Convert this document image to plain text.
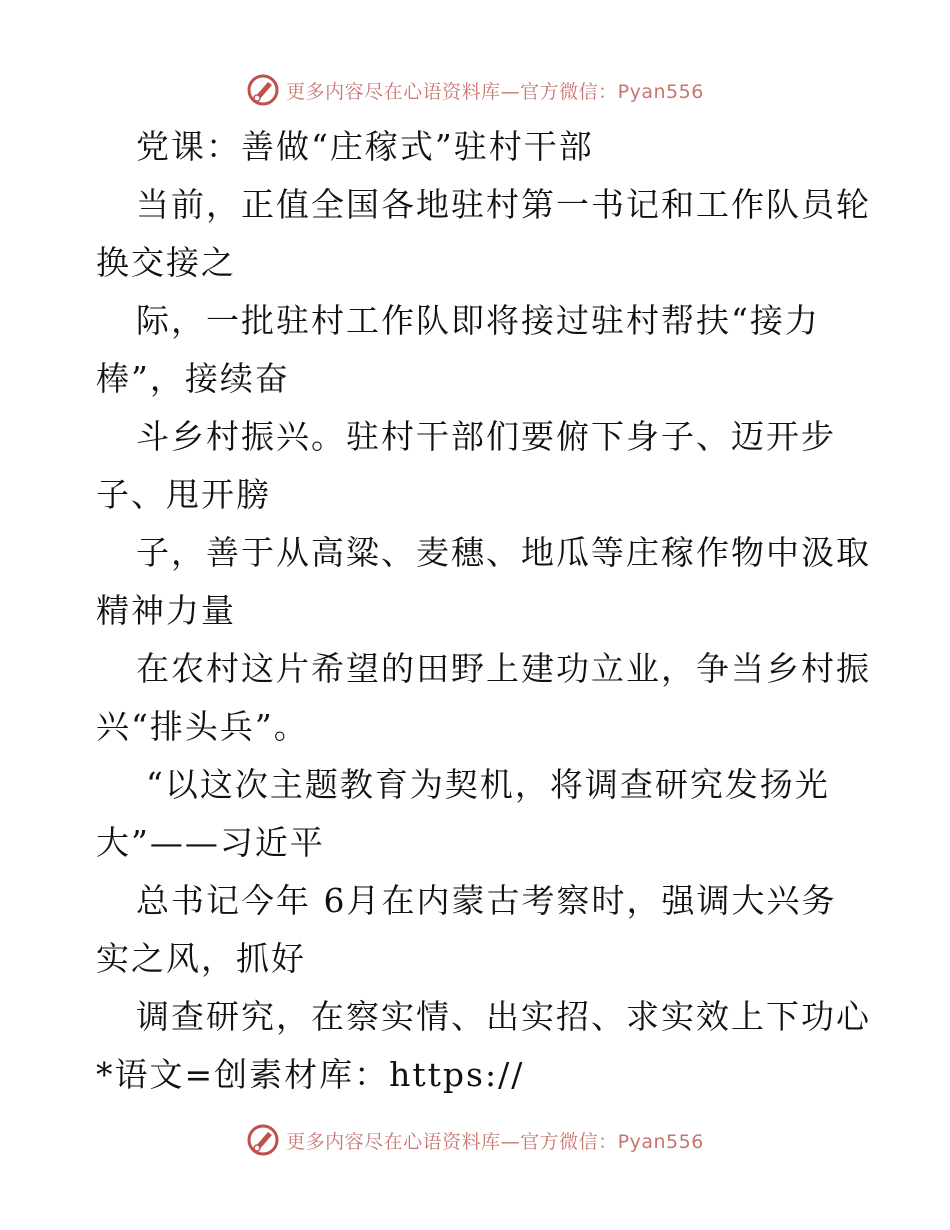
更多内容尽在心语资料库—官方微信：Pyan556
党课：善做“庄稼式”驻村干部
当前，正值全国各地驻村第一书记和工作队员轮
换交接之
际，一批驻村工作队即将接过驻村帮扶“接力
棒”，接续奋
斗乡村振兴。驻村干部们要俯下身子、迈开步
子、甩开膀
子，善于从高粱、麦穗、地瓜等庄稼作物中汲取
精神力量
在农村这片希望的田野上建功立业，争当乡村振
兴“排头兵”。
“以这次主题教育为契机，将调查研究发扬光
大”——习近平
总书记今年 6月在内蒙古考察时，强调大兴务
实之风，抓好
调查研究，在察实情、出实招、求实效上下功心
*语文=创素材库：https://
更多内容尽在心语资料库—官方微信：Pyan556
